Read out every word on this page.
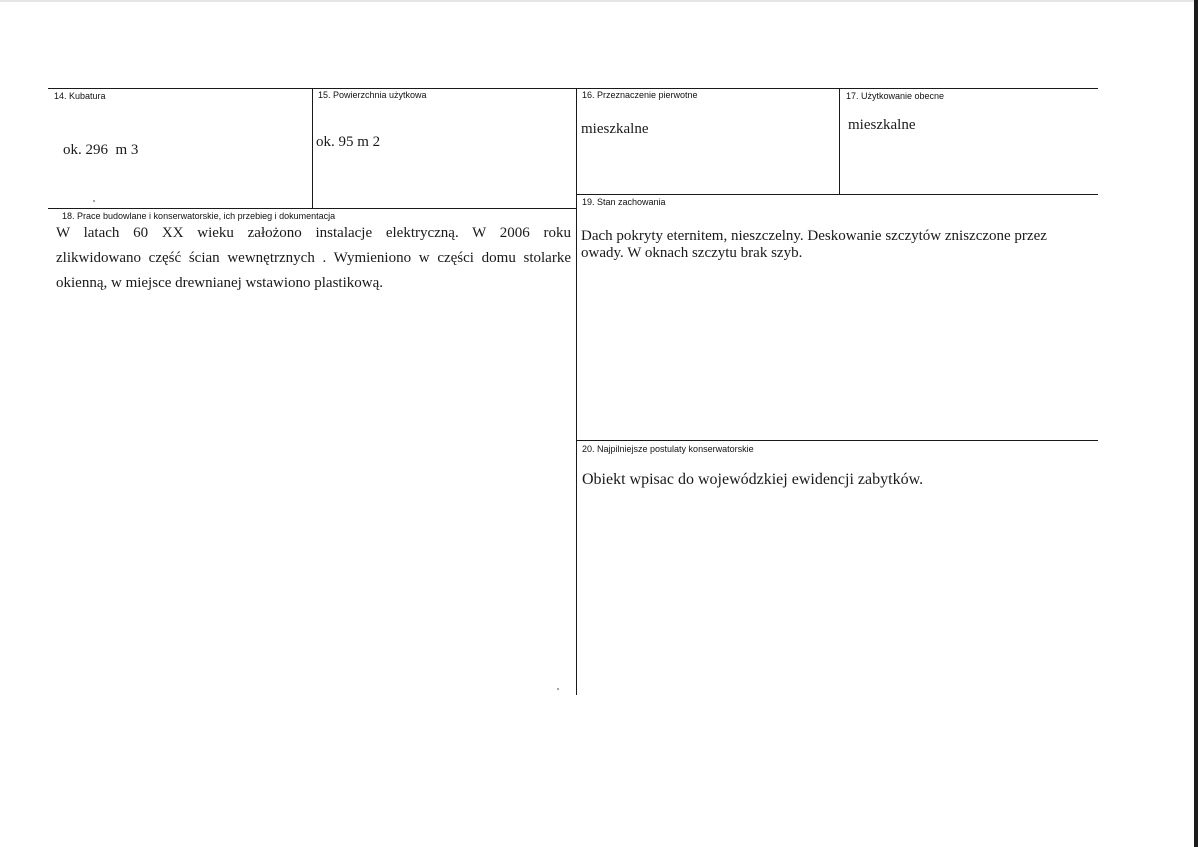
14. Kubatura
ok. 296  m 3
15. Powierzchnia użytkowa
ok. 95 m 2
16. Przeznaczenie pierwotne
mieszkalne
17. Użytkowanie obecne
mieszkalne
18. Prace budowlane i konserwatorskie, ich przebieg i dokumentacja
W latach 60 XX wieku założono instalacje elektryczną. W 2006 roku
zlikwidowano część ścian wewnętrznych . Wymieniono w części domu stolarke
okienną, w miejsce drewnianej wstawiono plastikową.
19. Stan zachowania
Dach pokryty eternitem, nieszczelny. Deskowanie szczytów zniszczone przez
owady. W oknach szczytu brak szyb.
20. Najpilniejsze postulaty konserwatorskie
Obiekt wpisac do wojewódzkiej ewidencji zabytków.
